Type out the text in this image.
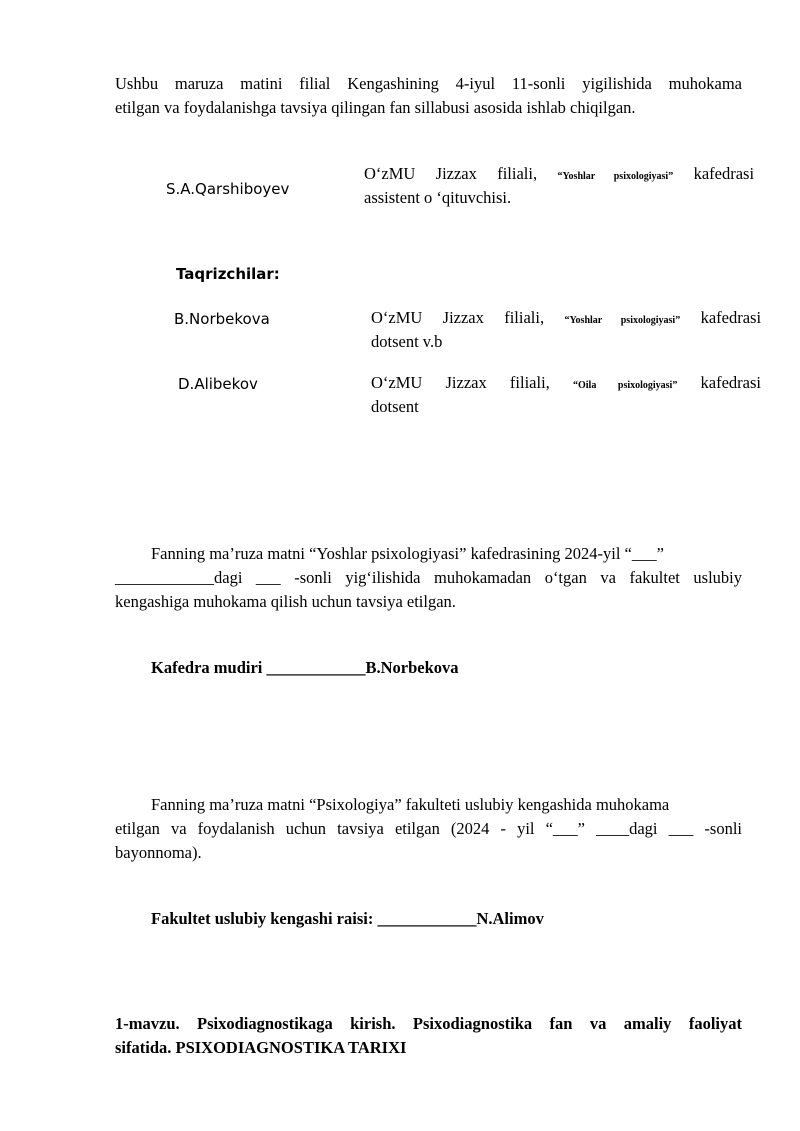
Ushbu maruza matini filial Kengashining 4-iyul 11-sonli yigilishida muhokama
etilgan va foydalanishga tavsiya qilingan fan sillabusi asosida ishlab chiqilgan.
S.A.Qarshiboyev
O‘zMU Jizzax filiali, “Yoshlar psixologiyasi” kafedrasi
assistent o ‘qituvchisi.
Taqrizchilar:
B.Norbekova	O‘zMU Jizzax filiali, “Yoshlar psixologiyasi” kafedrasi
dotsent v.b
D.Alibekov	O‘zMU Jizzax filiali, “Oila psixologiyasi” kafedrasi
dotsent
Fanning ma’ruza matni “Yoshlar psixologiyasi” kafedrasining 2024-yil “___”
____________dagi ___ -sonli yig‘ilishida muhokamadan o‘tgan va fakultet uslubiy
kengashiga muhokama qilish uchun tavsiya etilgan.
Kafedra mudiri ____________B.Norbekova
Fanning ma’ruza matni “Psixologiya” fakulteti uslubiy kengashida muhokama
etilgan va foydalanish uchun tavsiya etilgan (2024 - yil “___” ____dagi ___ -sonli
bayonnoma).
Fakultet uslubiy kengashi raisi: ____________N.Alimov
1-mavzu. Psixodiagnostikaga kirish. Psixodiagnostika fan va amaliy faoliyat
sifatida. PSIXODIAGNOSTIKA TARIXI
